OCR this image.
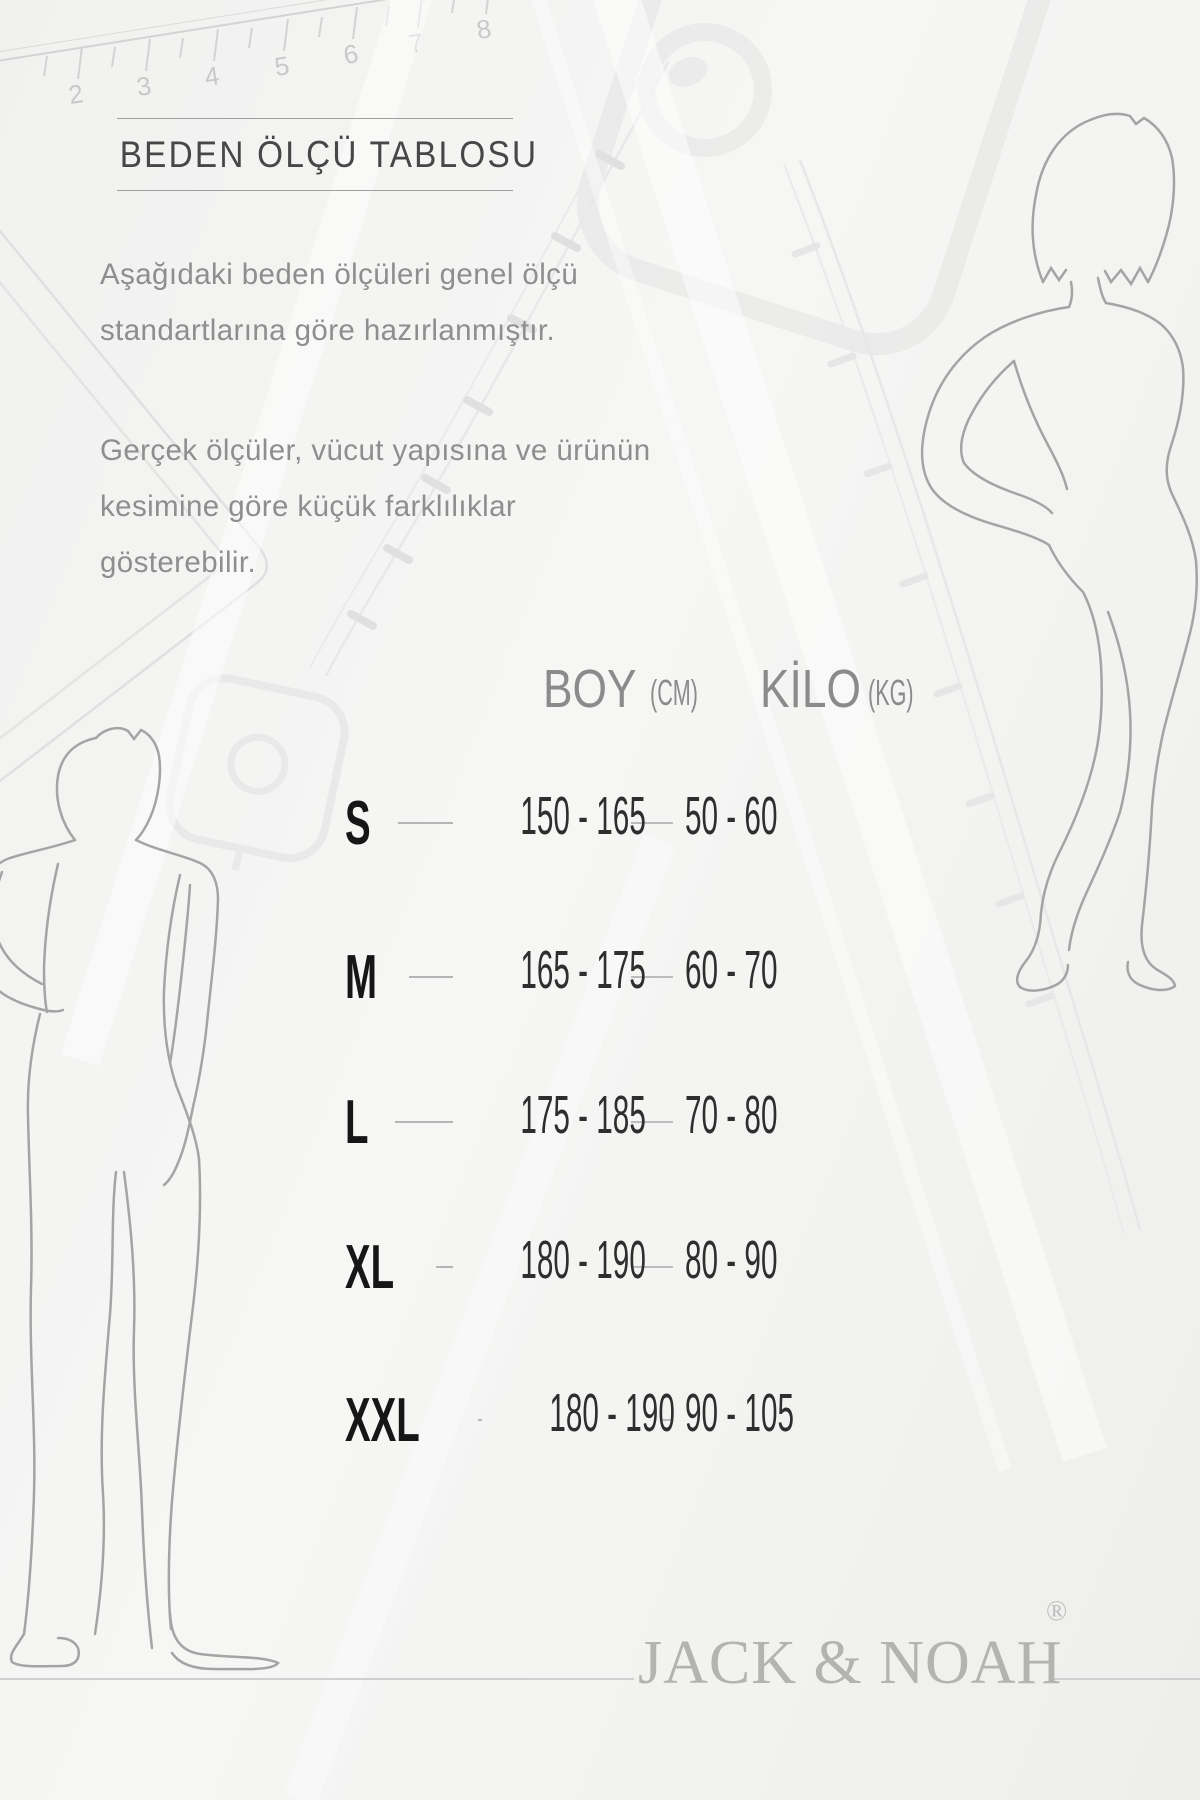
2 3 4 5 6 7 8
BEDEN ÖLÇÜ TABLOSU
Aşağıdaki beden ölçüleri genel ölçü
standartlarına göre hazırlanmıştır.
Gerçek ölçüler, vücut yapısına ve ürünün
kesimine göre küçük farklılıklar
gösterebilir.
BOY (CM)	KİLO (KG)
S	150 - 165 50 - 60
M	165 - 175 60 - 70
L	175 - 185 70 - 80
XL	180 - 190 80 - 90
XXL	180 - 190 90 - 105
JACK & NOAH
®
